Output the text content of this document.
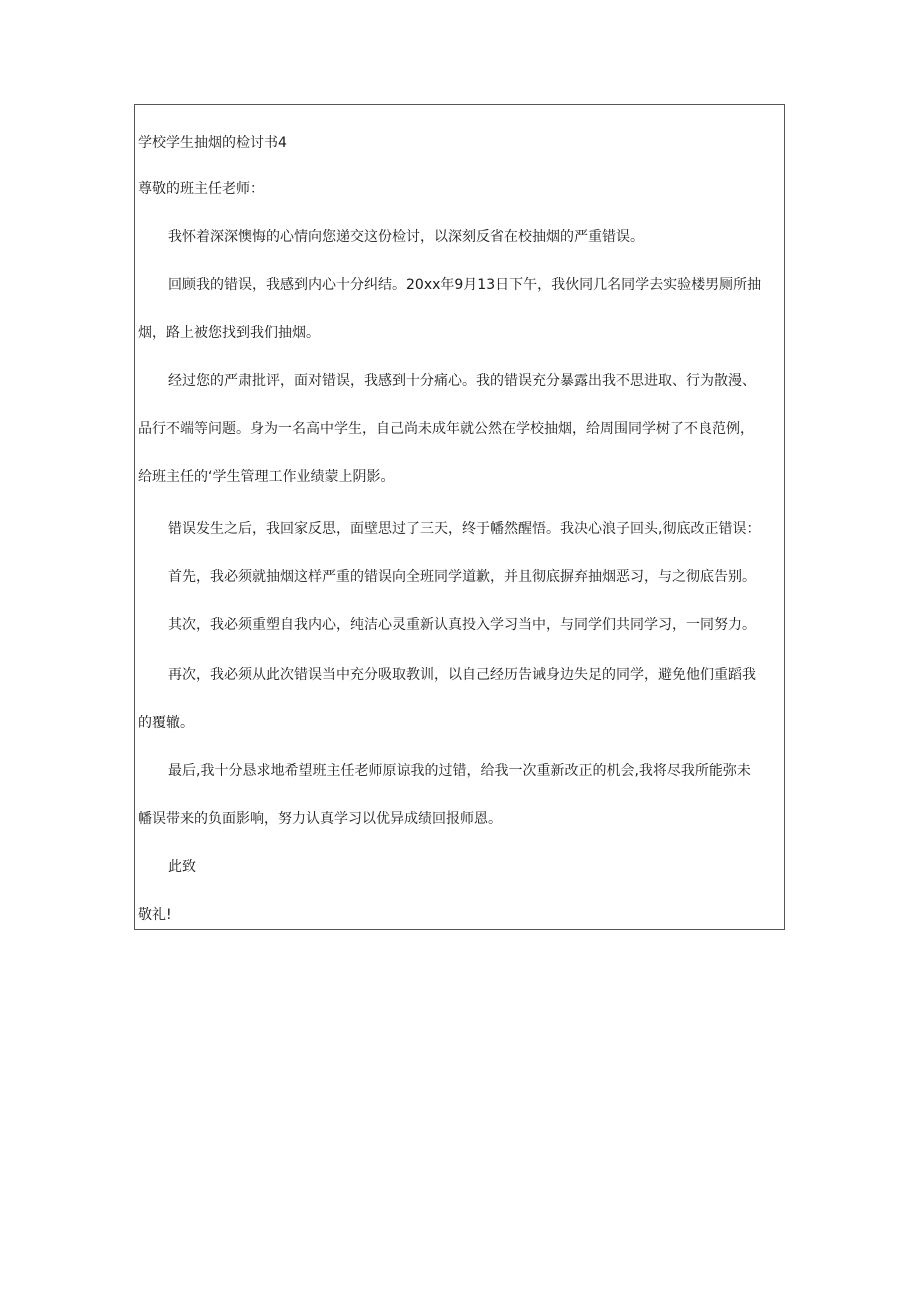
学校学生抽烟的检讨书4
尊敬的班主任老师：
我怀着深深懊悔的心情向您递交这份检讨，以深刻反省在校抽烟的严重错误。
回顾我的错误，我感到内心十分纠结。20xx年9月13日下午，我伙同几名同学去实验楼男厕所抽
烟，路上被您找到我们抽烟。
经过您的严肃批评，面对错误，我感到十分痛心。我的错误充分暴露出我不思进取、行为散漫、
品行不端等问题。身为一名高中学生，自己尚未成年就公然在学校抽烟，给周围同学树了不良范例，
给班主任的‘学生管理工作业绩蒙上阴影。
错误发生之后，我回家反思，面壁思过了三天，终于幡然醒悟。我决心浪子回头,彻底改正错误：
首先，我必须就抽烟这样严重的错误向全班同学道歉，并且彻底摒弃抽烟恶习，与之彻底告别。
其次，我必须重塑自我内心，纯洁心灵重新认真投入学习当中，与同学们共同学习，一同努力。
再次，我必须从此次错误当中充分吸取教训，以自己经历告诫身边失足的同学，避免他们重蹈我
的覆辙。
最后,我十分恳求地希望班主任老师原谅我的过错，给我一次重新改正的机会,我将尽我所能弥未
幡误带来的负面影响，努力认真学习以优异成绩回报师恩。
此致
敬礼!
